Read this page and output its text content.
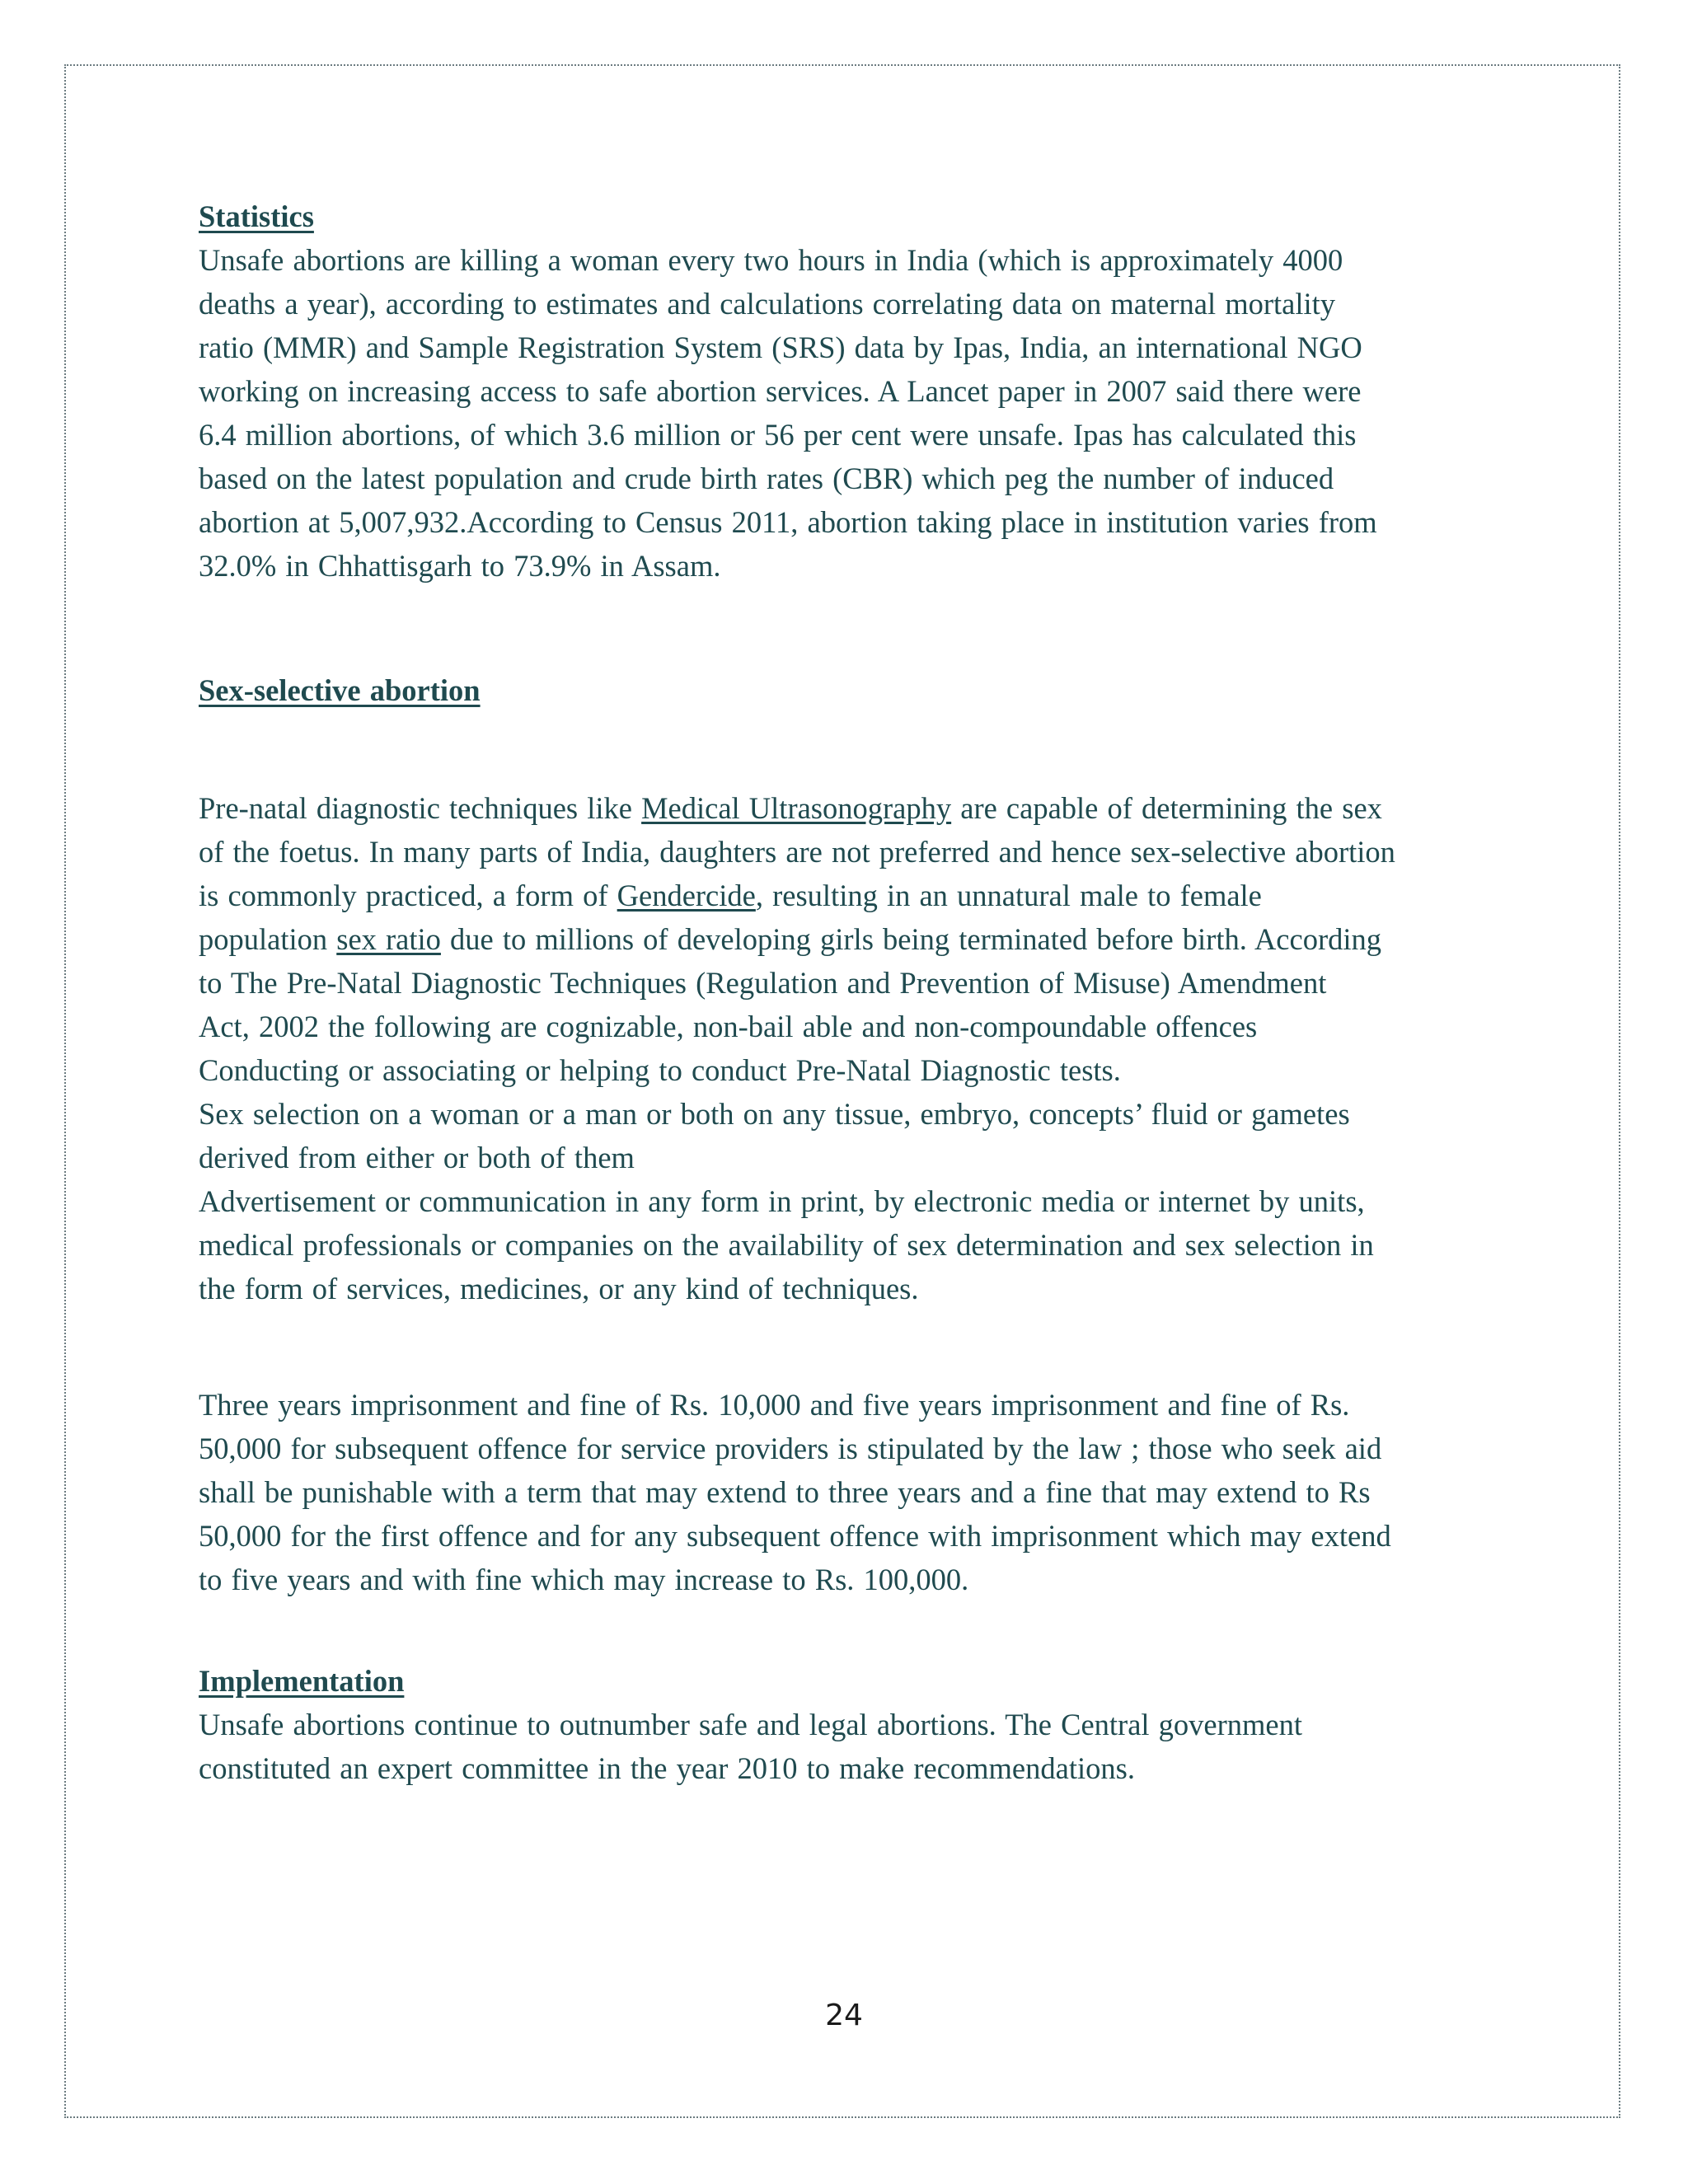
Statistics

Unsafe abortions are killing a woman every two hours in India (which is approximately 4000
deaths a year), according to estimates and calculations correlating data on maternal mortality
ratio (MMR) and Sample Registration System (SRS) data by Ipas, India, an international NGO
working on increasing access to safe abortion services. A Lancet paper in 2007 said there were
6.4 million abortions, of which 3.6 million or 56 per cent were unsafe. Ipas has calculated this
based on the latest population and crude birth rates (CBR) which peg the number of induced
abortion at 5,007,932.According to Census 2011, abortion taking place in institution varies from
32.0% in Chhattisgarh to 73.9% in Assam.

Sex-selective abortion

Pre-natal diagnostic techniques like Medical Ultrasonography are capable of determining the sex
of the foetus. In many parts of India, daughters are not preferred and hence sex-selective abortion
is commonly practiced, a form of Gendercide, resulting in an unnatural male to female
population sex ratio due to millions of developing girls being terminated before birth. According
to The Pre-Natal Diagnostic Techniques (Regulation and Prevention of Misuse) Amendment
Act, 2002 the following are cognizable, non-bail able and non-compoundable offences
Conducting or associating or helping to conduct Pre-Natal Diagnostic tests.
Sex selection on a woman or a man or both on any tissue, embryo, concepts’ fluid or gametes
derived from either or both of them
Advertisement or communication in any form in print, by electronic media or internet by units,
medical professionals or companies on the availability of sex determination and sex selection in
the form of services, medicines, or any kind of techniques.

Three years imprisonment and fine of Rs. 10,000 and five years imprisonment and fine of Rs.
50,000 for subsequent offence for service providers is stipulated by the law ; those who seek aid
shall be punishable with a term that may extend to three years and a fine that may extend to Rs
50,000 for the first offence and for any subsequent offence with imprisonment which may extend
to five years and with fine which may increase to Rs. 100,000.

Implementation

Unsafe abortions continue to outnumber safe and legal abortions. The Central government
constituted an expert committee in the year 2010 to make recommendations.

24
